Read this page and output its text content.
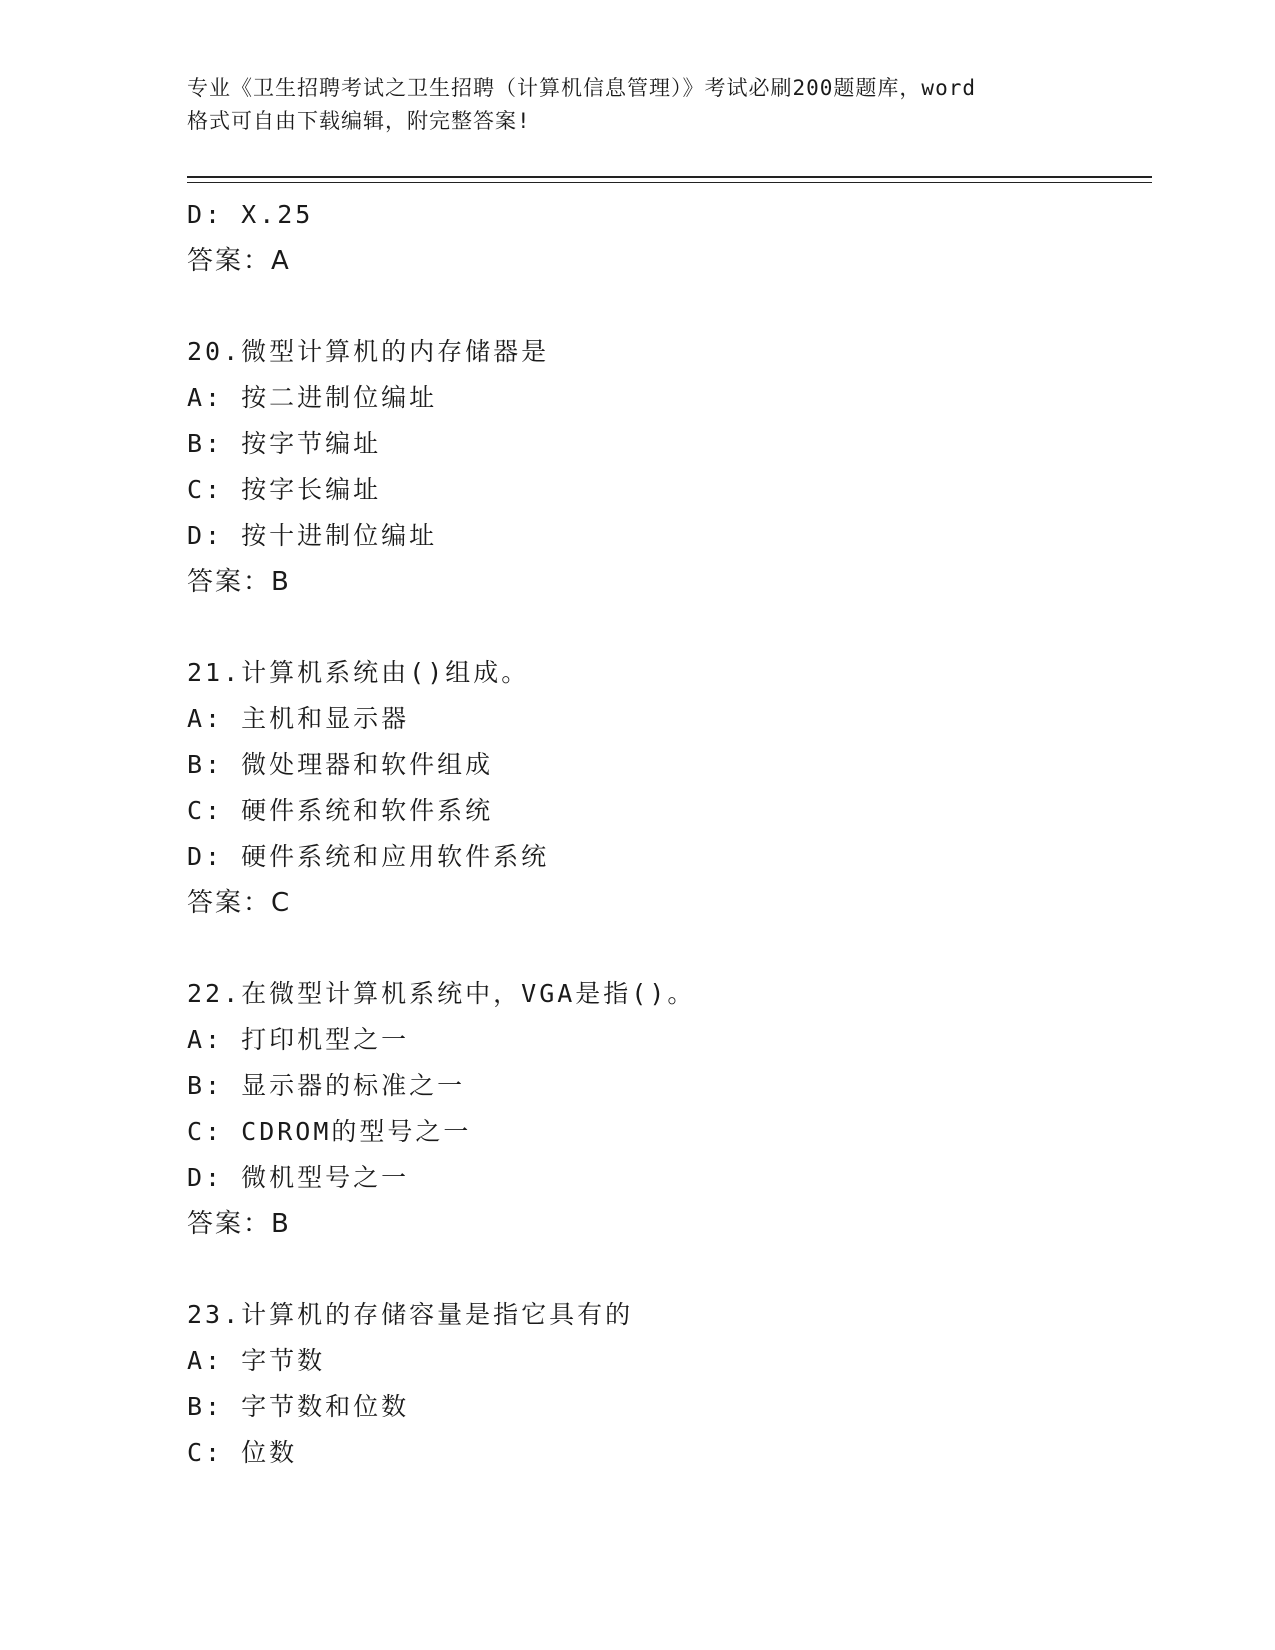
专业《卫生招聘考试之卫生招聘（计算机信息管理）》考试必刷200题题库，word
格式可自由下载编辑，附完整答案!
D: X.25
答案：A
20.微型计算机的内存储器是
A: 按二进制位编址
B: 按字节编址
C: 按字长编址
D: 按十进制位编址
答案：B
21.计算机系统由()组成。
A: 主机和显示器
B: 微处理器和软件组成
C: 硬件系统和软件系统
D: 硬件系统和应用软件系统
答案：C
22.在微型计算机系统中，VGA是指()。
A: 打印机型之一
B: 显示器的标准之一
C: CDROM的型号之一
D: 微机型号之一
答案：B
23.计算机的存储容量是指它具有的
A: 字节数
B: 字节数和位数
C: 位数
